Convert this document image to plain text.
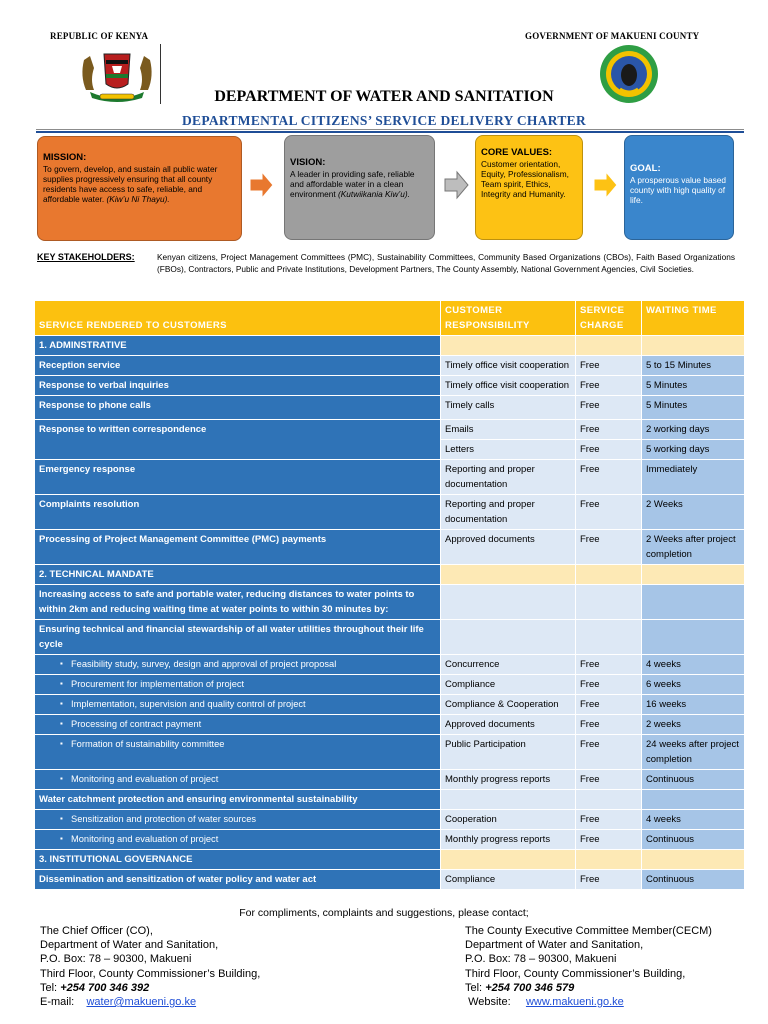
REPUBLIC OF KENYA	GOVERNMENT OF MAKUENI COUNTY
DEPARTMENT OF WATER AND SANITATION
DEPARTMENTAL CITIZENS’ SERVICE DELIVERY CHARTER
MISSION:
To govern, develop, and sustain all public water supplies progressively ensuring that all county residents have access to safe, reliable, and affordable water. (Kiw’u Ni Thayu).
VISION:
A leader in providing safe, reliable and affordable water in a clean environment (Kutwiikania Kiw’u).
CORE VALUES:
Customer orientation, Equity, Professionalism, Team spirit, Ethics, Integrity and Humanity.
GOAL:
A prosperous value based county with high quality of life.
KEY STAKEHOLDERS:	Kenyan citizens, Project Management Committees (PMC), Sustainability Committees, Community Based Organizations (CBOs), Faith Based Organizations (FBOs), Contractors, Public and Private Institutions, Development Partners, The County Assembly, National Government Agencies, Civil Societies.
SERVICE RENDERED TO CUSTOMERS	CUSTOMER RESPONSIBILITY	SERVICE CHARGE	WAITING TIME
1. ADMINSTRATIVE			
Reception service	Timely office visit cooperation	Free	5 to 15 Minutes
Response to verbal inquiries	Timely office visit cooperation	Free	5 Minutes
Response to phone calls	Timely calls	Free	5 Minutes
Response to written correspondence	Emails	Free	2 working days
	Letters	Free	5 working days
Emergency response	Reporting and proper documentation	Free	Immediately
Complaints resolution	Reporting and proper documentation	Free	2 Weeks
Processing of Project Management Committee (PMC) payments	Approved documents	Free	2 Weeks after project completion
2. TECHNICAL MANDATE			
Increasing access to safe and portable water, reducing distances to water points to within 2km and reducing waiting time at water points to within 30 minutes by:			
Ensuring technical and financial stewardship of all water utilities throughout their life cycle			
▪ Feasibility study, survey, design and approval of project proposal	Concurrence	Free	4 weeks
▪ Procurement for implementation of project	Compliance	Free	6 weeks
▪ Implementation, supervision and quality control of project	Compliance & Cooperation	Free	16 weeks
▪ Processing of contract payment	Approved documents	Free	2 weeks
▪ Formation of sustainability committee	Public Participation	Free	24 weeks after project completion
▪ Monitoring and evaluation of project	Monthly progress reports	Free	Continuous
Water catchment protection and ensuring environmental sustainability			
▪ Sensitization and protection of water sources	Cooperation	Free	4 weeks
▪ Monitoring and evaluation of project	Monthly progress reports	Free	Continuous
3. INSTITUTIONAL GOVERNANCE			
Dissemination and sensitization of water policy and water act	Compliance	Free	Continuous
For compliments, complaints and suggestions, please contact;
The Chief Officer (CO),
Department of Water and Sanitation,
P.O. Box: 78 – 90300, Makueni
Third Floor, County Commissioner’s Building,
Tel: +254 700 346 392
E-mail: water@makueni.go.ke
The County Executive Committee Member(CECM)
Department of Water and Sanitation,
P.O. Box: 78 – 90300, Makueni
Third Floor, County Commissioner’s Building,
Tel: +254 700 346 579
Website: www.makueni.go.ke
